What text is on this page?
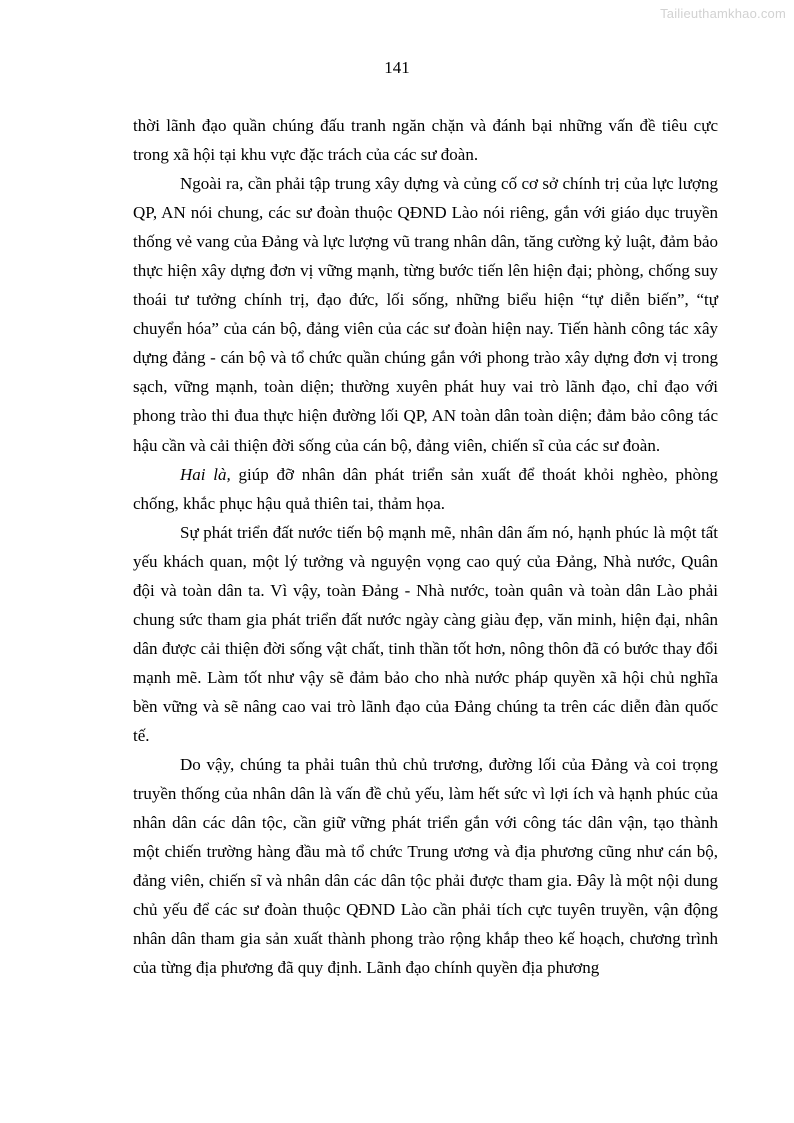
Tailieuthamkhao.com
141

thời lãnh đạo quần chúng đấu tranh ngăn chặn và đánh bại những vấn đề tiêu cực trong xã hội tại khu vực đặc trách của các sư đoàn.

Ngoài ra, cần phải tập trung xây dựng và củng cố cơ sở chính trị của lực lượng QP, AN nói chung, các sư đoàn thuộc QĐND Lào nói riêng, gắn với giáo dục truyền thống vẻ vang của Đảng và lực lượng vũ trang nhân dân, tăng cường kỷ luật, đảm bảo thực hiện xây dựng đơn vị vững mạnh, từng bước tiến lên hiện đại; phòng, chống suy thoái tư tưởng chính trị, đạo đức, lối sống, những biểu hiện “tự diễn biến”, “tự chuyển hóa” của cán bộ, đảng viên của các sư đoàn hiện nay. Tiến hành công tác xây dựng đảng - cán bộ và tổ chức quần chúng gắn với phong trào xây dựng đơn vị trong sạch, vững mạnh, toàn diện; thường xuyên phát huy vai trò lãnh đạo, chỉ đạo với phong trào thi đua thực hiện đường lối QP, AN toàn dân toàn diện; đảm bảo công tác hậu cần và cải thiện đời sống của cán bộ, đảng viên, chiến sĩ của các sư đoàn.

Hai là, giúp đỡ nhân dân phát triển sản xuất để thoát khỏi nghèo, phòng chống, khắc phục hậu quả thiên tai, thảm họa.

Sự phát triển đất nước tiến bộ mạnh mẽ, nhân dân ấm nó, hạnh phúc là một tất yếu khách quan, một lý tưởng và nguyện vọng cao quý của Đảng, Nhà nước, Quân đội và toàn dân ta. Vì vậy, toàn Đảng - Nhà nước, toàn quân và toàn dân Lào phải chung sức tham gia phát triển đất nước ngày càng giàu đẹp, văn minh, hiện đại, nhân dân được cải thiện đời sống vật chất, tinh thần tốt hơn, nông thôn đã có bước thay đổi mạnh mẽ. Làm tốt như vậy sẽ đảm bảo cho nhà nước pháp quyền xã hội chủ nghĩa bền vững và sẽ nâng cao vai trò lãnh đạo của Đảng chúng ta trên các diễn đàn quốc tế.

Do vậy, chúng ta phải tuân thủ chủ trương, đường lối của Đảng và coi trọng truyền thống của nhân dân là vấn đề chủ yếu, làm hết sức vì lợi ích và hạnh phúc của nhân dân các dân tộc, cần giữ vững phát triển gắn với công tác dân vận, tạo thành một chiến trường hàng đầu mà tổ chức Trung ương và địa phương cũng như cán bộ, đảng viên, chiến sĩ và nhân dân các dân tộc phải được tham gia. Đây là một nội dung chủ yếu để các sư đoàn thuộc QĐND Lào cần phải tích cực tuyên truyền, vận động nhân dân tham gia sản xuất thành phong trào rộng khắp theo kế hoạch, chương trình của từng địa phương đã quy định. Lãnh đạo chính quyền địa phương
